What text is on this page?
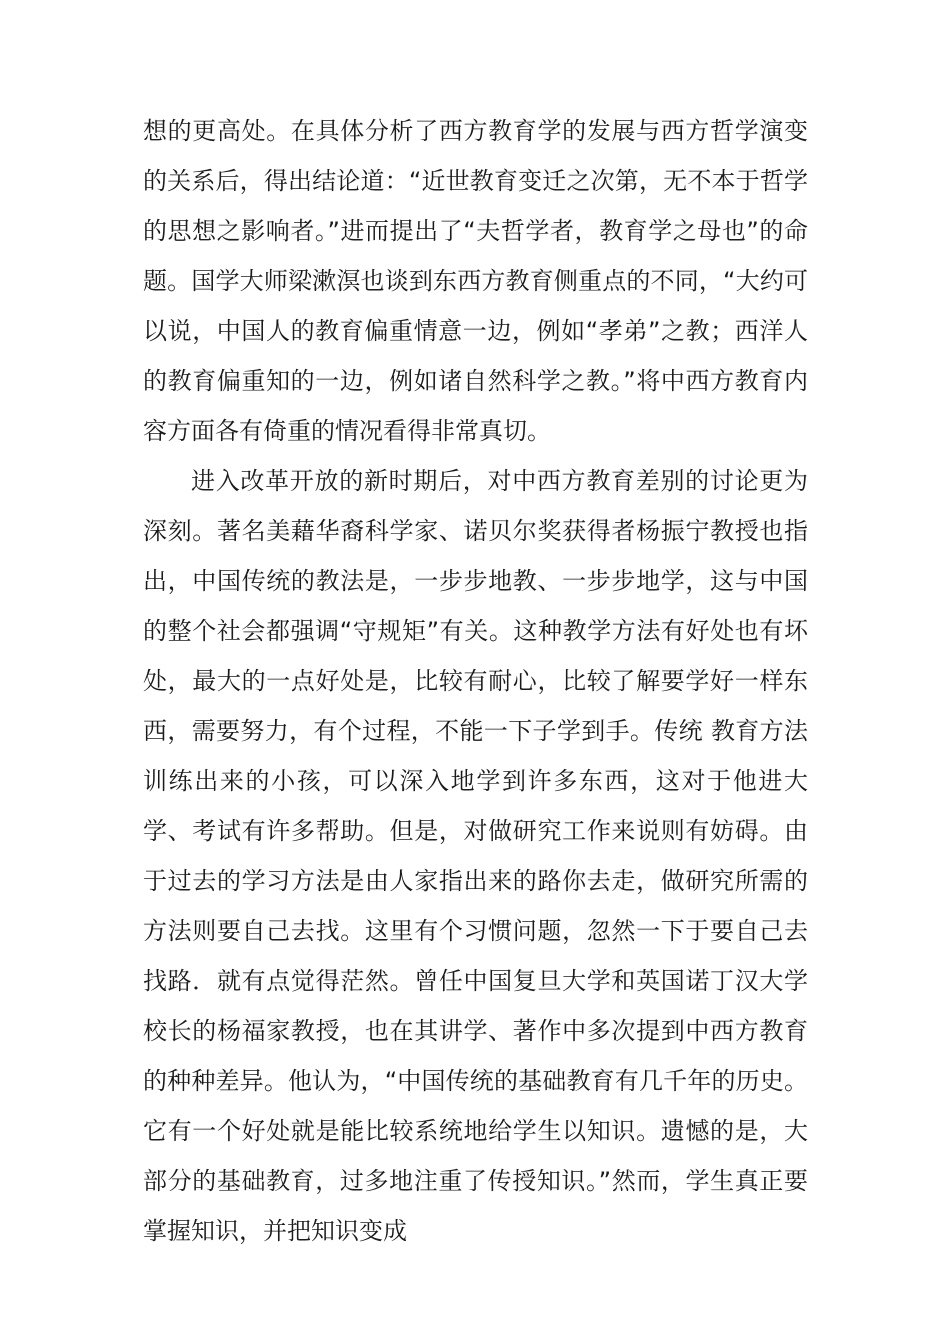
想的更高处。在具体分析了西方教育学的发展与西方哲学演变的关系后，得出结论道：“近世教育变迁之次第，无不本于哲学的思想之影响者。”进而提出了“夫哲学者，教育学之母也”的命题。国学大师梁漱溟也谈到东西方教育侧重点的不同，“大约可以说，中国人的教育偏重情意一边，例如“孝弟”之教；西洋人的教育偏重知的一边，例如诸自然科学之教。”将中西方教育内容方面各有倚重的情况看得非常真切。

进入改革开放的新时期后，对中西方教育差别的讨论更为深刻。著名美藉华裔科学家、诺贝尔奖获得者杨振宁教授也指出，中国传统的教法是，一步步地教、一步步地学，这与中国的整个社会都强调“守规矩”有关。这种教学方法有好处也有坏处，最大的一点好处是，比较有耐心，比较了解要学好一样东西，需要努力，有个过程，不能一下子学到手。传统 教育方法训练出来的小孩，可以深入地学到许多东西，这对于他进大学、考试有许多帮助。但是，对做研究工作来说则有妨碍。由于过去的学习方法是由人家指出来的路你去走，做研究所需的方法则要自己去找。这里有个习惯问题，忽然一下于要自己去找路．就有点觉得茫然。曾任中国复旦大学和英国诺丁汉大学校长的杨福家教授，也在其讲学、著作中多次提到中西方教育的种种差异。他认为，“中国传统的基础教育有几千年的历史。它有一个好处就是能比较系统地给学生以知识。遗憾的是，大部分的基础教育，过多地注重了传授知识。”然而，学生真正要掌握知识，并把知识变成
